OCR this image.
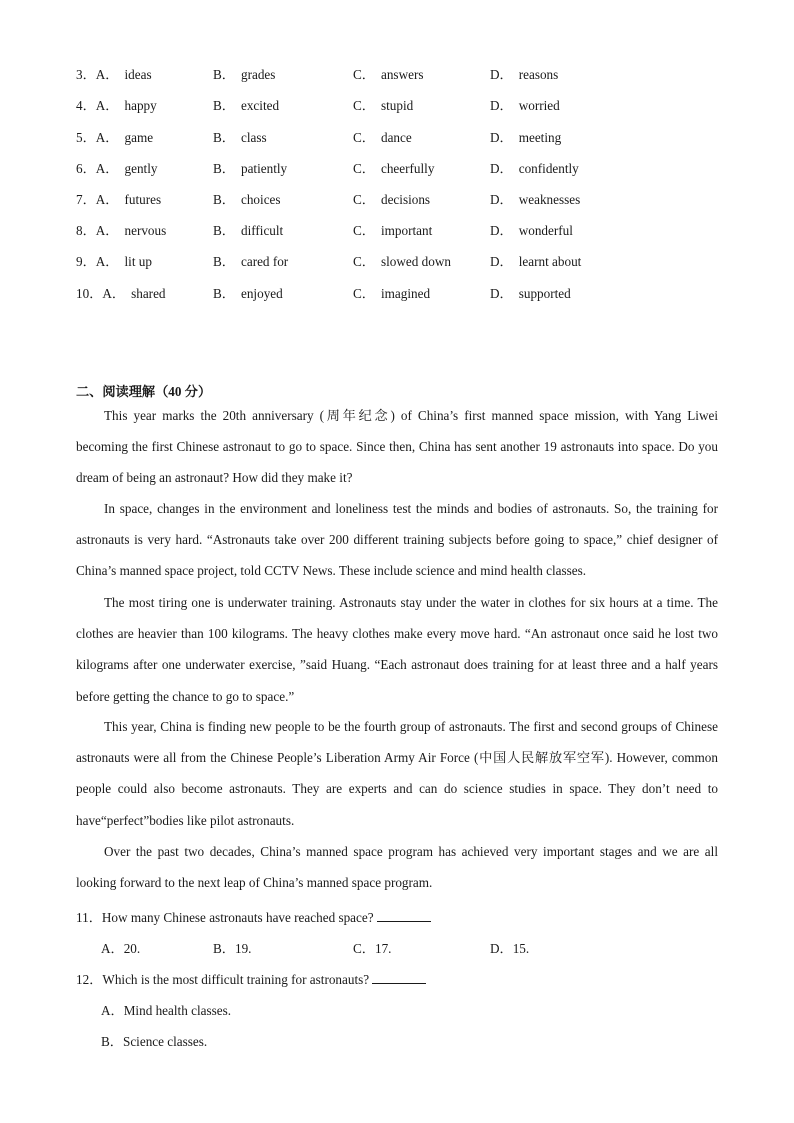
3．A． ideas	B． grades	C． answers	D． reasons
4．A． happy	B． excited	C． stupid	D． worried
5．A． game	B． class	C． dance	D． meeting
6．A． gently	B． patiently	C． cheerfully	D． confidently
7．A． futures	B． choices	C． decisions	D． weaknesses
8．A． nervous	B． difficult	C． important	D． wonderful
9．A． lit up	B． cared for	C． slowed down	D． learnt about
10．A． shared	B． enjoyed	C． imagined	D． supported
二、阅读理解（40 分）

This year marks the 20th anniversary (周年纪念) of China’s first manned space mission, with Yang Liwei becoming the first Chinese astronaut to go to space. Since then, China has sent another 19 astronauts into space. Do you dream of being an astronaut? How did they make it?

In space, changes in the environment and loneliness test the minds and bodies of astronauts. So, the training for astronauts is very hard. “Astronauts take over 200 different training subjects before going to space,” chief designer of China’s manned space project, told CCTV News. These include science and mind health classes.

The most tiring one is underwater training. Astronauts stay under the water in clothes for six hours at a time. The clothes are heavier than 100 kilograms. The heavy clothes make every move hard. “An astronaut once said he lost two kilograms after one underwater exercise, ”said Huang. “Each astronaut does training for at least three and a half years before getting the chance to go to space.”

This year, China is finding new people to be the fourth group of astronauts. The first and second groups of Chinese astronauts were all from the Chinese People’s Liberation Army Air Force (中国人民解放军空军). However, common people could also become astronauts. They are experts and can do science studies in space. They don’t need to have“perfect”bodies like pilot astronauts.

Over the past two decades, China’s manned space program has achieved very important stages and we are all looking forward to the next leap of China’s manned space program.

11．How many Chinese astronauts have reached space?
A．20.	B．19.	C．17.	D．15.
12．Which is the most difficult training for astronauts?
A．Mind health classes.
B．Science classes.
